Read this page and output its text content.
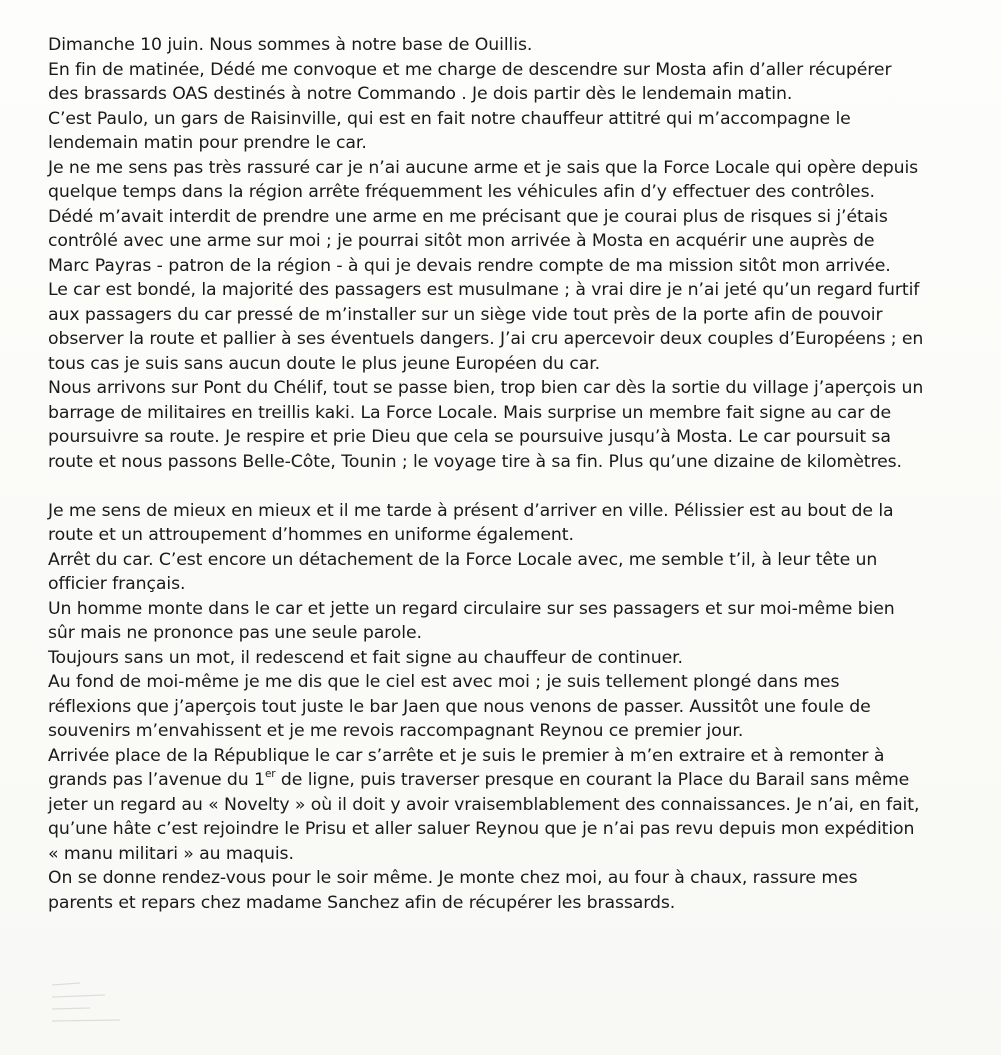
Dimanche 10 juin. Nous sommes à notre base de Ouillis.
En fin de matinée, Dédé me convoque et me charge de descendre sur Mosta afin d’aller récupérer
des brassards OAS destinés à notre Commando . Je dois partir dès le lendemain matin.
C’est Paulo, un gars de Raisinville, qui est en fait notre chauffeur attitré qui m’accompagne le
lendemain matin pour prendre le car.
Je ne me sens pas très rassuré car je n’ai aucune arme et je sais que la Force Locale qui opère depuis
quelque temps dans la région arrête fréquemment les véhicules afin d’y effectuer des contrôles.
Dédé m’avait interdit de prendre une arme en me précisant que je courai plus de risques si j’étais
contrôlé avec une arme sur moi ; je pourrai sitôt mon arrivée à Mosta en acquérir une auprès de
Marc Payras - patron de la région - à qui je devais rendre compte de ma mission sitôt mon arrivée.
Le car est bondé, la majorité des passagers est musulmane ; à vrai dire je n’ai jeté qu’un regard furtif
aux passagers du car pressé de m’installer sur un siège vide tout près de la porte afin de pouvoir
observer la route et pallier à ses éventuels dangers. J’ai cru apercevoir deux couples d’Européens ; en
tous cas je suis sans aucun doute le plus jeune Européen du car.
Nous arrivons sur Pont du Chélif, tout se passe bien, trop bien car dès la sortie du village j’aperçois un
barrage de militaires en treillis kaki. La Force Locale. Mais surprise un membre fait signe au car de
poursuivre sa route. Je respire et prie Dieu que cela se poursuive jusqu’à Mosta. Le car poursuit sa
route et nous passons Belle-Côte, Tounin ; le voyage tire à sa fin. Plus qu’une dizaine de kilomètres.
Je me sens de mieux en mieux et il me tarde à présent d’arriver en ville. Pélissier est au bout de la
route et un attroupement d’hommes en uniforme également.
Arrêt du car. C’est encore un détachement de la Force Locale avec, me semble t’il, à leur tête un
officier français.
Un homme monte dans le car et jette un regard circulaire sur ses passagers et sur moi-même bien
sûr mais ne prononce pas une seule parole.
Toujours sans un mot, il redescend et fait signe au chauffeur de continuer.
Au fond de moi-même je me dis que le ciel est avec moi ; je suis tellement plongé dans mes
réflexions que j’aperçois tout juste le bar Jaen que nous venons de passer. Aussitôt une foule de
souvenirs m’envahissent et je me revois raccompagnant Reynou ce premier jour.
Arrivée place de la République le car s’arrête et je suis le premier à m’en extraire et à remonter à
grands pas l’avenue du 1er de ligne, puis traverser presque en courant la Place du Barail sans même
jeter un regard au « Novelty » où il doit y avoir vraisemblablement des connaissances. Je n’ai, en fait,
qu’une hâte c’est rejoindre le Prisu et aller saluer Reynou que je n’ai pas revu depuis mon expédition
« manu militari » au maquis.
On se donne rendez-vous pour le soir même. Je monte chez moi, au four à chaux, rassure mes
parents et repars chez madame Sanchez afin de récupérer les brassards.
